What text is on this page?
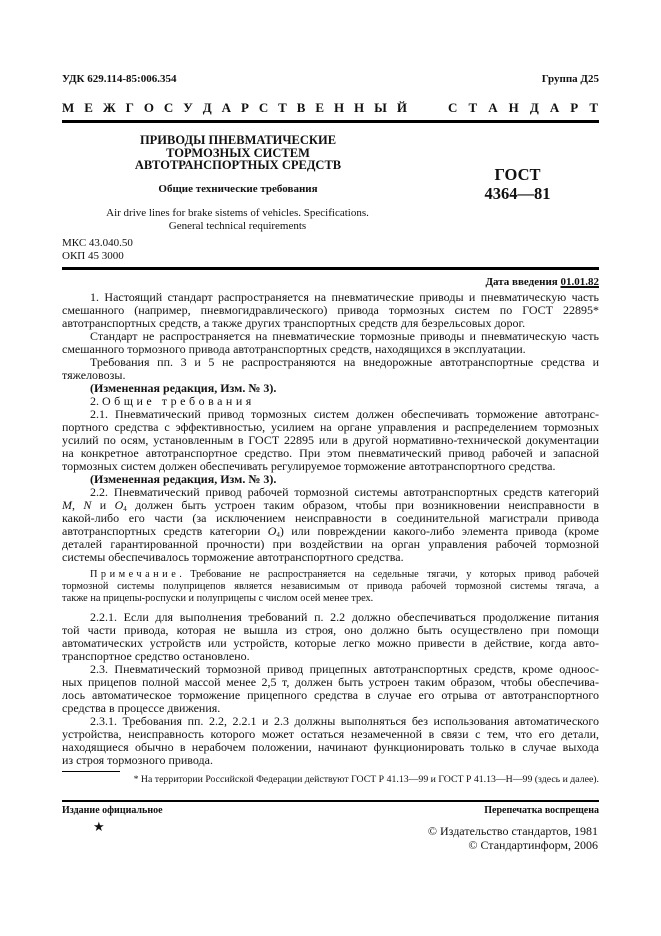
УДК 629.114-85:006.354	Группа Д25
М Е Ж Г О С У Д А Р С Т В Е Н Н Ы Й	С Т А Н Д А Р Т
ПРИВОДЫ ПНЕВМАТИЧЕСКИЕ
ТОРМОЗНЫХ СИСТЕМ
АВТОТРАНСПОРТНЫХ СРЕДСТВ
Общие технические требования
ГОСТ
4364—81
Air drive lines for brake sistems of vehicles. Specifications.
General technical requirements
МКС 43.040.50
ОКП 45 3000
Дата введения 01.01.82
1. Настоящий стандарт распространяется на пневматические приводы и пневматическую часть
смешанного (например, пневмогидравлического) привода тормозных систем по ГОСТ 22895*
автотранспортных средств, а также других транспортных средств для безрельсовых дорог.
Стандарт не распространяется на пневматические тормозные приводы и пневматическую часть
смешанного тормозного привода автотранспортных средств, находящихся в эксплуатации.
Требования пп. 3 и 5 не распространяются на внедорожные автотранспортные средства и
тяжеловозы.
(Измененная редакция, Изм. № 3).
2. Общие требования
2.1. Пневматический привод тормозных систем должен обеспечивать торможение автотранс-
портного средства с эффективностью, усилием на органе управления и распределением тормозных
усилий по осям, установленным в ГОСТ 22895 или в другой нормативно-технической документации
на конкретное автотранспортное средство. При этом пневматический привод рабочей и запасной
тормозных систем должен обеспечивать регулируемое торможение автотранспортного средства.
(Измененная редакция, Изм. № 3).
2.2. Пневматический привод рабочей тормозной системы автотранспортных средств категорий
M, N и $O_4$ должен быть устроен таким образом, чтобы при возникновении неисправности в
какой-либо его части (за исключением неисправности в соединительной магистрали привода
автотранспортных средств категории $O_4$) или повреждении какого-либо элемента привода (кроме
деталей гарантированной прочности) при воздействии на орган управления рабочей тормозной
системы обеспечивалось торможение автотранспортного средства.
Примечание. Требование не распространяется на седельные тягачи, у которых привод рабочей
тормозной системы полуприцепов является независимым от привода рабочей тормозной системы тягача, а
также на прицепы-роспуски и полуприцепы с числом осей менее трех.
2.2.1. Если для выполнения требований п. 2.2 должно обеспечиваться продолжение питания
той части привода, которая не вышла из строя, оно должно быть осуществлено при помощи
автоматических устройств или устройств, которые легко можно привести в действие, когда авто-
транспортное средство остановлено.
2.3. Пневматический тормозной привод прицепных автотранспортных средств, кроме одноос-
ных прицепов полной массой менее 2,5 т, должен быть устроен таким образом, чтобы обеспечива-
лось автоматическое торможение прицепного средства в случае его отрыва от автотранспортного
средства в процессе движения.
2.3.1. Требования пп. 2.2, 2.2.1 и 2.3 должны выполняться без использования автоматического
устройства, неисправность которого может остаться незамеченной в связи с тем, что его детали,
находящиеся обычно в нерабочем положении, начинают функционировать только в случае выхода
из строя тормозного привода.
* На территории Российской Федерации действуют ГОСТ Р 41.13—99 и ГОСТ Р 41.13—Н—99 (здесь и далее).
Издание официальное	Перепечатка воспрещена
★	© Издательство стандартов, 1981
© Стандартинформ, 2006
